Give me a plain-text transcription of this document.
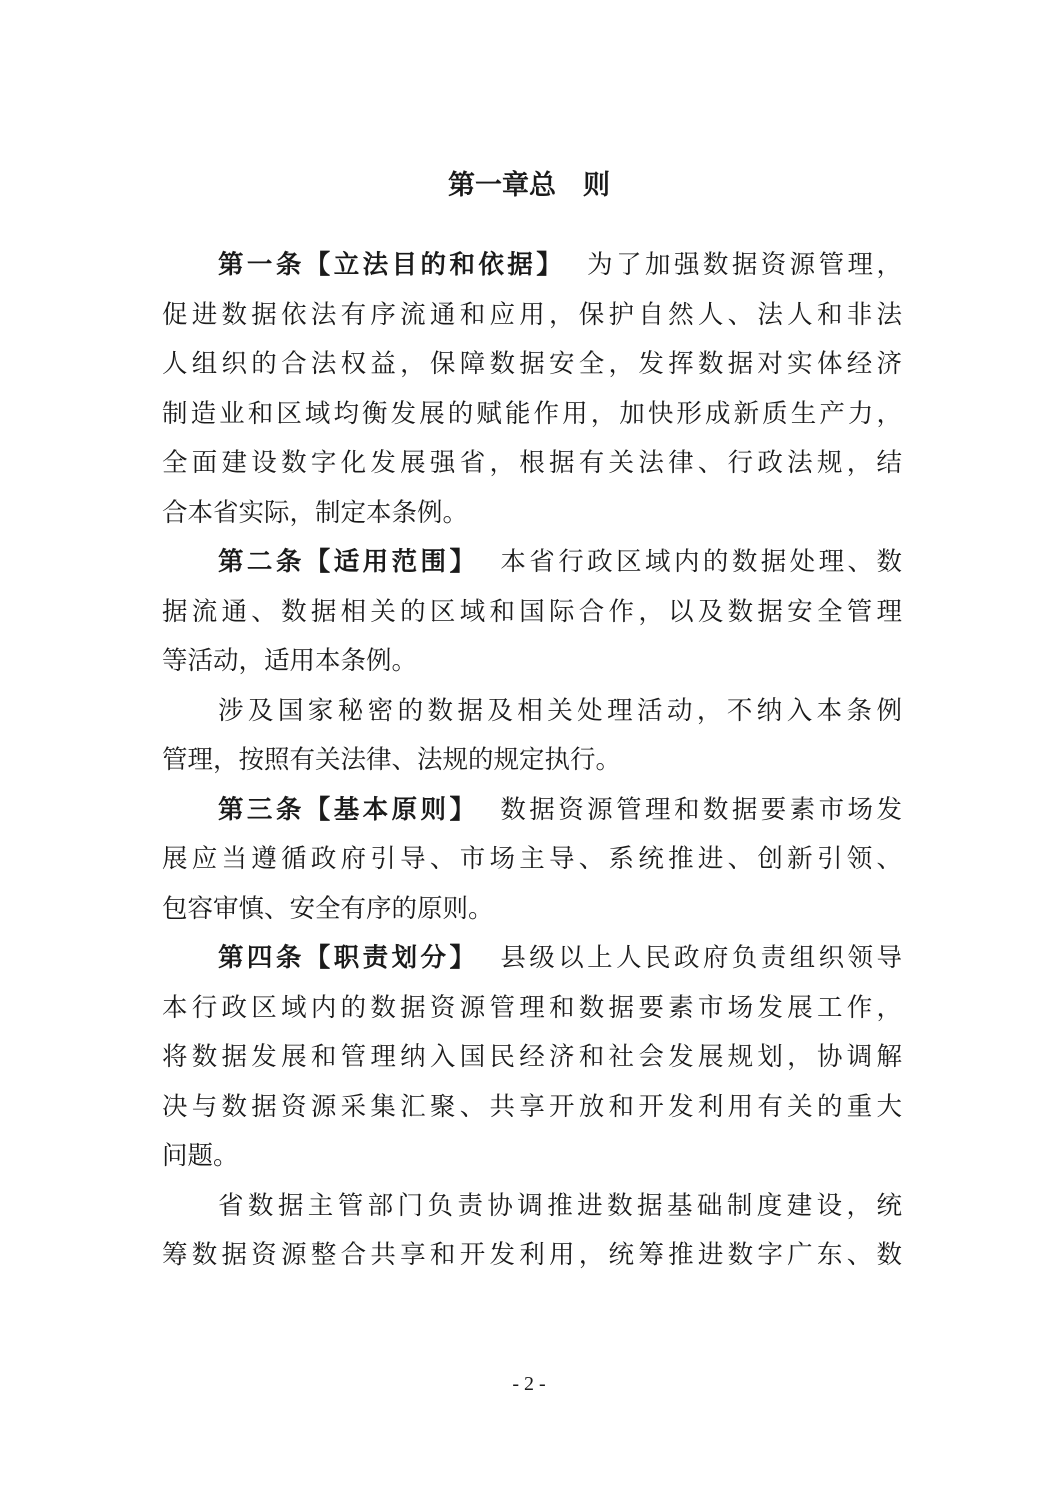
第一章总　则
第一条【立法目的和依据】 为了加强数据资源管理，
促进数据依法有序流通和应用，保护自然人、法人和非法
人组织的合法权益，保障数据安全，发挥数据对实体经济
制造业和区域均衡发展的赋能作用，加快形成新质生产力，
全面建设数字化发展强省，根据有关法律、行政法规，结
合本省实际，制定本条例。
第二条【适用范围】 本省行政区域内的数据处理、数
据流通、数据相关的区域和国际合作，以及数据安全管理
等活动，适用本条例。
涉及国家秘密的数据及相关处理活动，不纳入本条例
管理，按照有关法律、法规的规定执行。
第三条【基本原则】 数据资源管理和数据要素市场发
展应当遵循政府引导、市场主导、系统推进、创新引领、
包容审慎、安全有序的原则。
第四条【职责划分】 县级以上人民政府负责组织领导
本行政区域内的数据资源管理和数据要素市场发展工作，
将数据发展和管理纳入国民经济和社会发展规划，协调解
决与数据资源采集汇聚、共享开放和开发利用有关的重大
问题。
省数据主管部门负责协调推进数据基础制度建设，统
筹数据资源整合共享和开发利用，统筹推进数字广东、数
- 2 -
